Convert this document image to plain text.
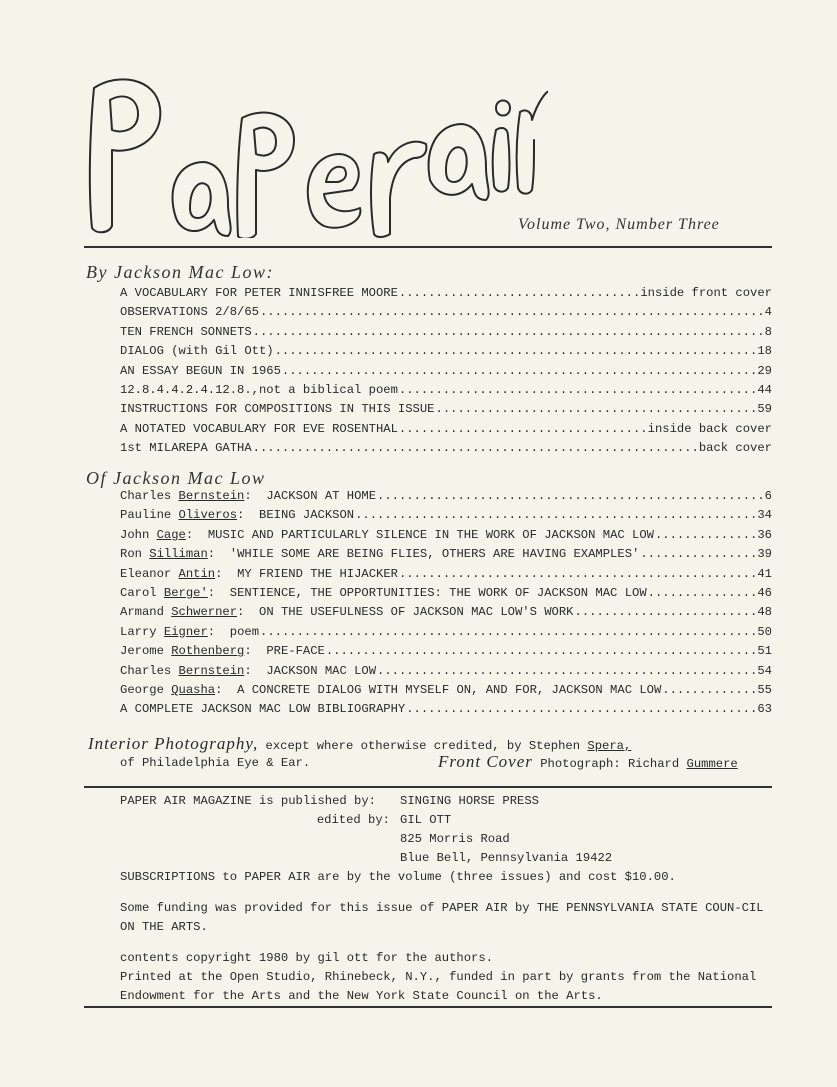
Volume Two, Number Three
By Jackson Mac Low:
A VOCABULARY FOR PETER INNISFREE MOORE .....	inside front cover
OBSERVATIONS 2/8/65 .....	4
TEN FRENCH SONNETS .....	8
DIALOG (with Gil Ott) .....	18
AN ESSAY BEGUN IN 1965 .....	29
12.8.4.4.2.4.12.8.,not a biblical poem .....	44
INSTRUCTIONS FOR COMPOSITIONS IN THIS ISSUE .....	59
A NOTATED VOCABULARY FOR EVE ROSENTHAL .....	inside back cover
1st MILAREPA GATHA .....	back cover
Of Jackson Mac Low
Charles Bernstein:  JACKSON AT HOME .....	6
Pauline Oliveros:  BEING JACKSON .....	34
John Cage:  MUSIC AND PARTICULARLY SILENCE IN THE WORK OF JACKSON MAC LOW .....	36
Ron Silliman:  'WHILE SOME ARE BEING FLIES, OTHERS ARE HAVING EXAMPLES' .....	39
Eleanor Antin:  MY FRIEND THE HIJACKER .....	41
Carol Berge':  SENTIENCE, THE OPPORTUNITIES: THE WORK OF JACKSON MAC LOW .....	46
Armand Schwerner:  ON THE USEFULNESS OF JACKSON MAC LOW'S WORK .....	48
Larry Eigner:  poem .....	50
Jerome Rothenberg:  PRE-FACE .....	51
Charles Bernstein:  JACKSON MAC LOW .....	54
George Quasha:  A CONCRETE DIALOG WITH MYSELF ON, AND FOR, JACKSON MAC LOW .....	55
A COMPLETE JACKSON MAC LOW BIBLIOGRAPHY .....	63
Interior Photography, except where otherwise credited, by Stephen Spera,
of Philadelphia Eye & Ear.	Front Cover Photograph: Richard Gummere

PAPER AIR MAGAZINE is published by: SINGING HORSE PRESS

edited by: GIL OTT

825 Morris Road

Blue Bell, Pennsylvania 19422

SUBSCRIPTIONS to PAPER AIR are by the volume (three issues) and cost $10.00.

Some funding was provided for this issue of PAPER AIR by THE PENNSYLVANIA STATE COUN-CIL ON THE ARTS.

contents copyright 1980 by gil ott for the authors.

Printed at the Open Studio, Rhinebeck, N.Y., funded in part by grants from the National Endowment for the Arts and the New York State Council on the Arts.
